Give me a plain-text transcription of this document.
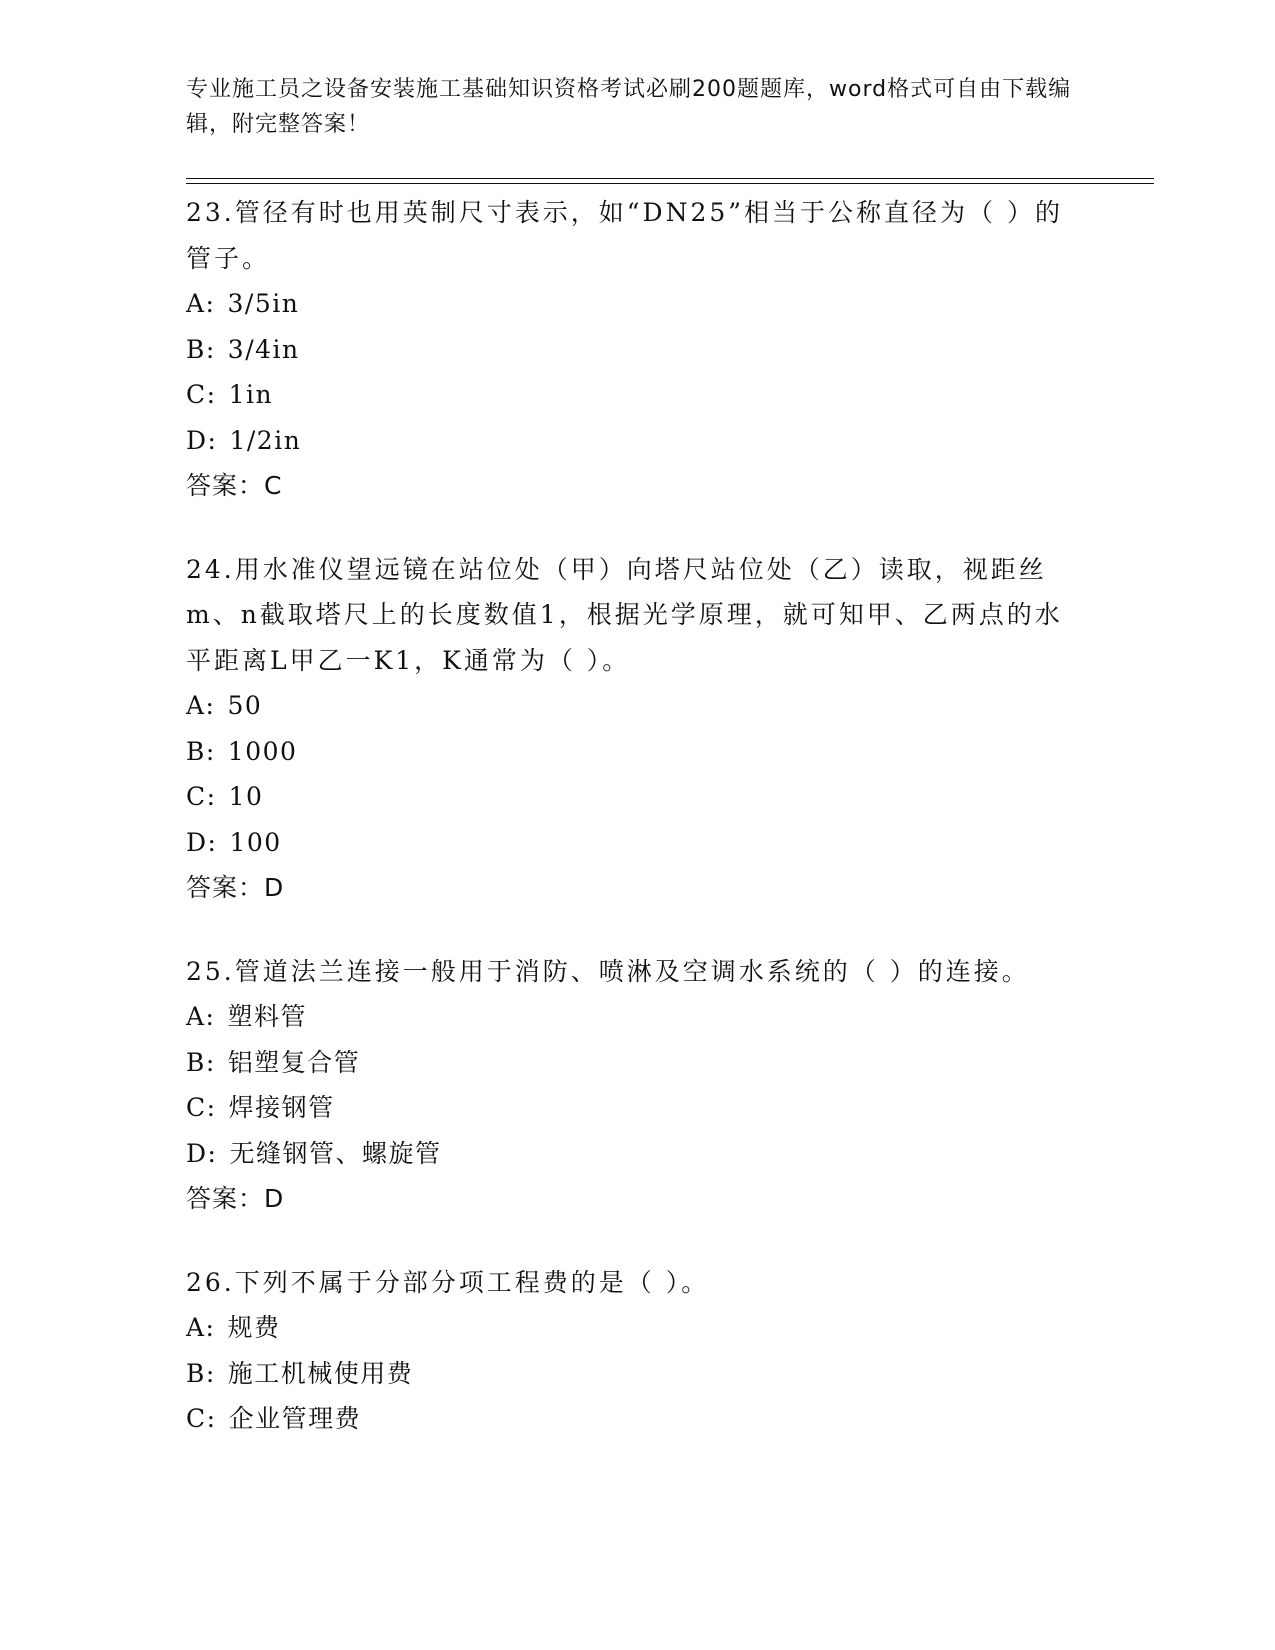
专业施工员之设备安装施工基础知识资格考试必刷200题题库，word格式可自由下载编辑，附完整答案！
23.管径有时也用英制尺寸表示，如“DN25”相当于公称直径为（ ）的管子。
A: 3/5in
B: 3/4in
C: 1in
D: 1/2in
答案：C
24.用水准仪望远镜在站位处（甲）向塔尺站位处（乙）读取，视距丝m、n截取塔尺上的长度数值1，根据光学原理，就可知甲、乙两点的水平距离L甲乙一K1，K通常为（ ）。
A: 50
B: 1000
C: 10
D: 100
答案：D
25.管道法兰连接一般用于消防、喷淋及空调水系统的（ ）的连接。
A: 塑料管
B: 铝塑复合管
C: 焊接钢管
D: 无缝钢管、螺旋管
答案：D
26.下列不属于分部分项工程费的是（ ）。
A: 规费
B: 施工机械使用费
C: 企业管理费
